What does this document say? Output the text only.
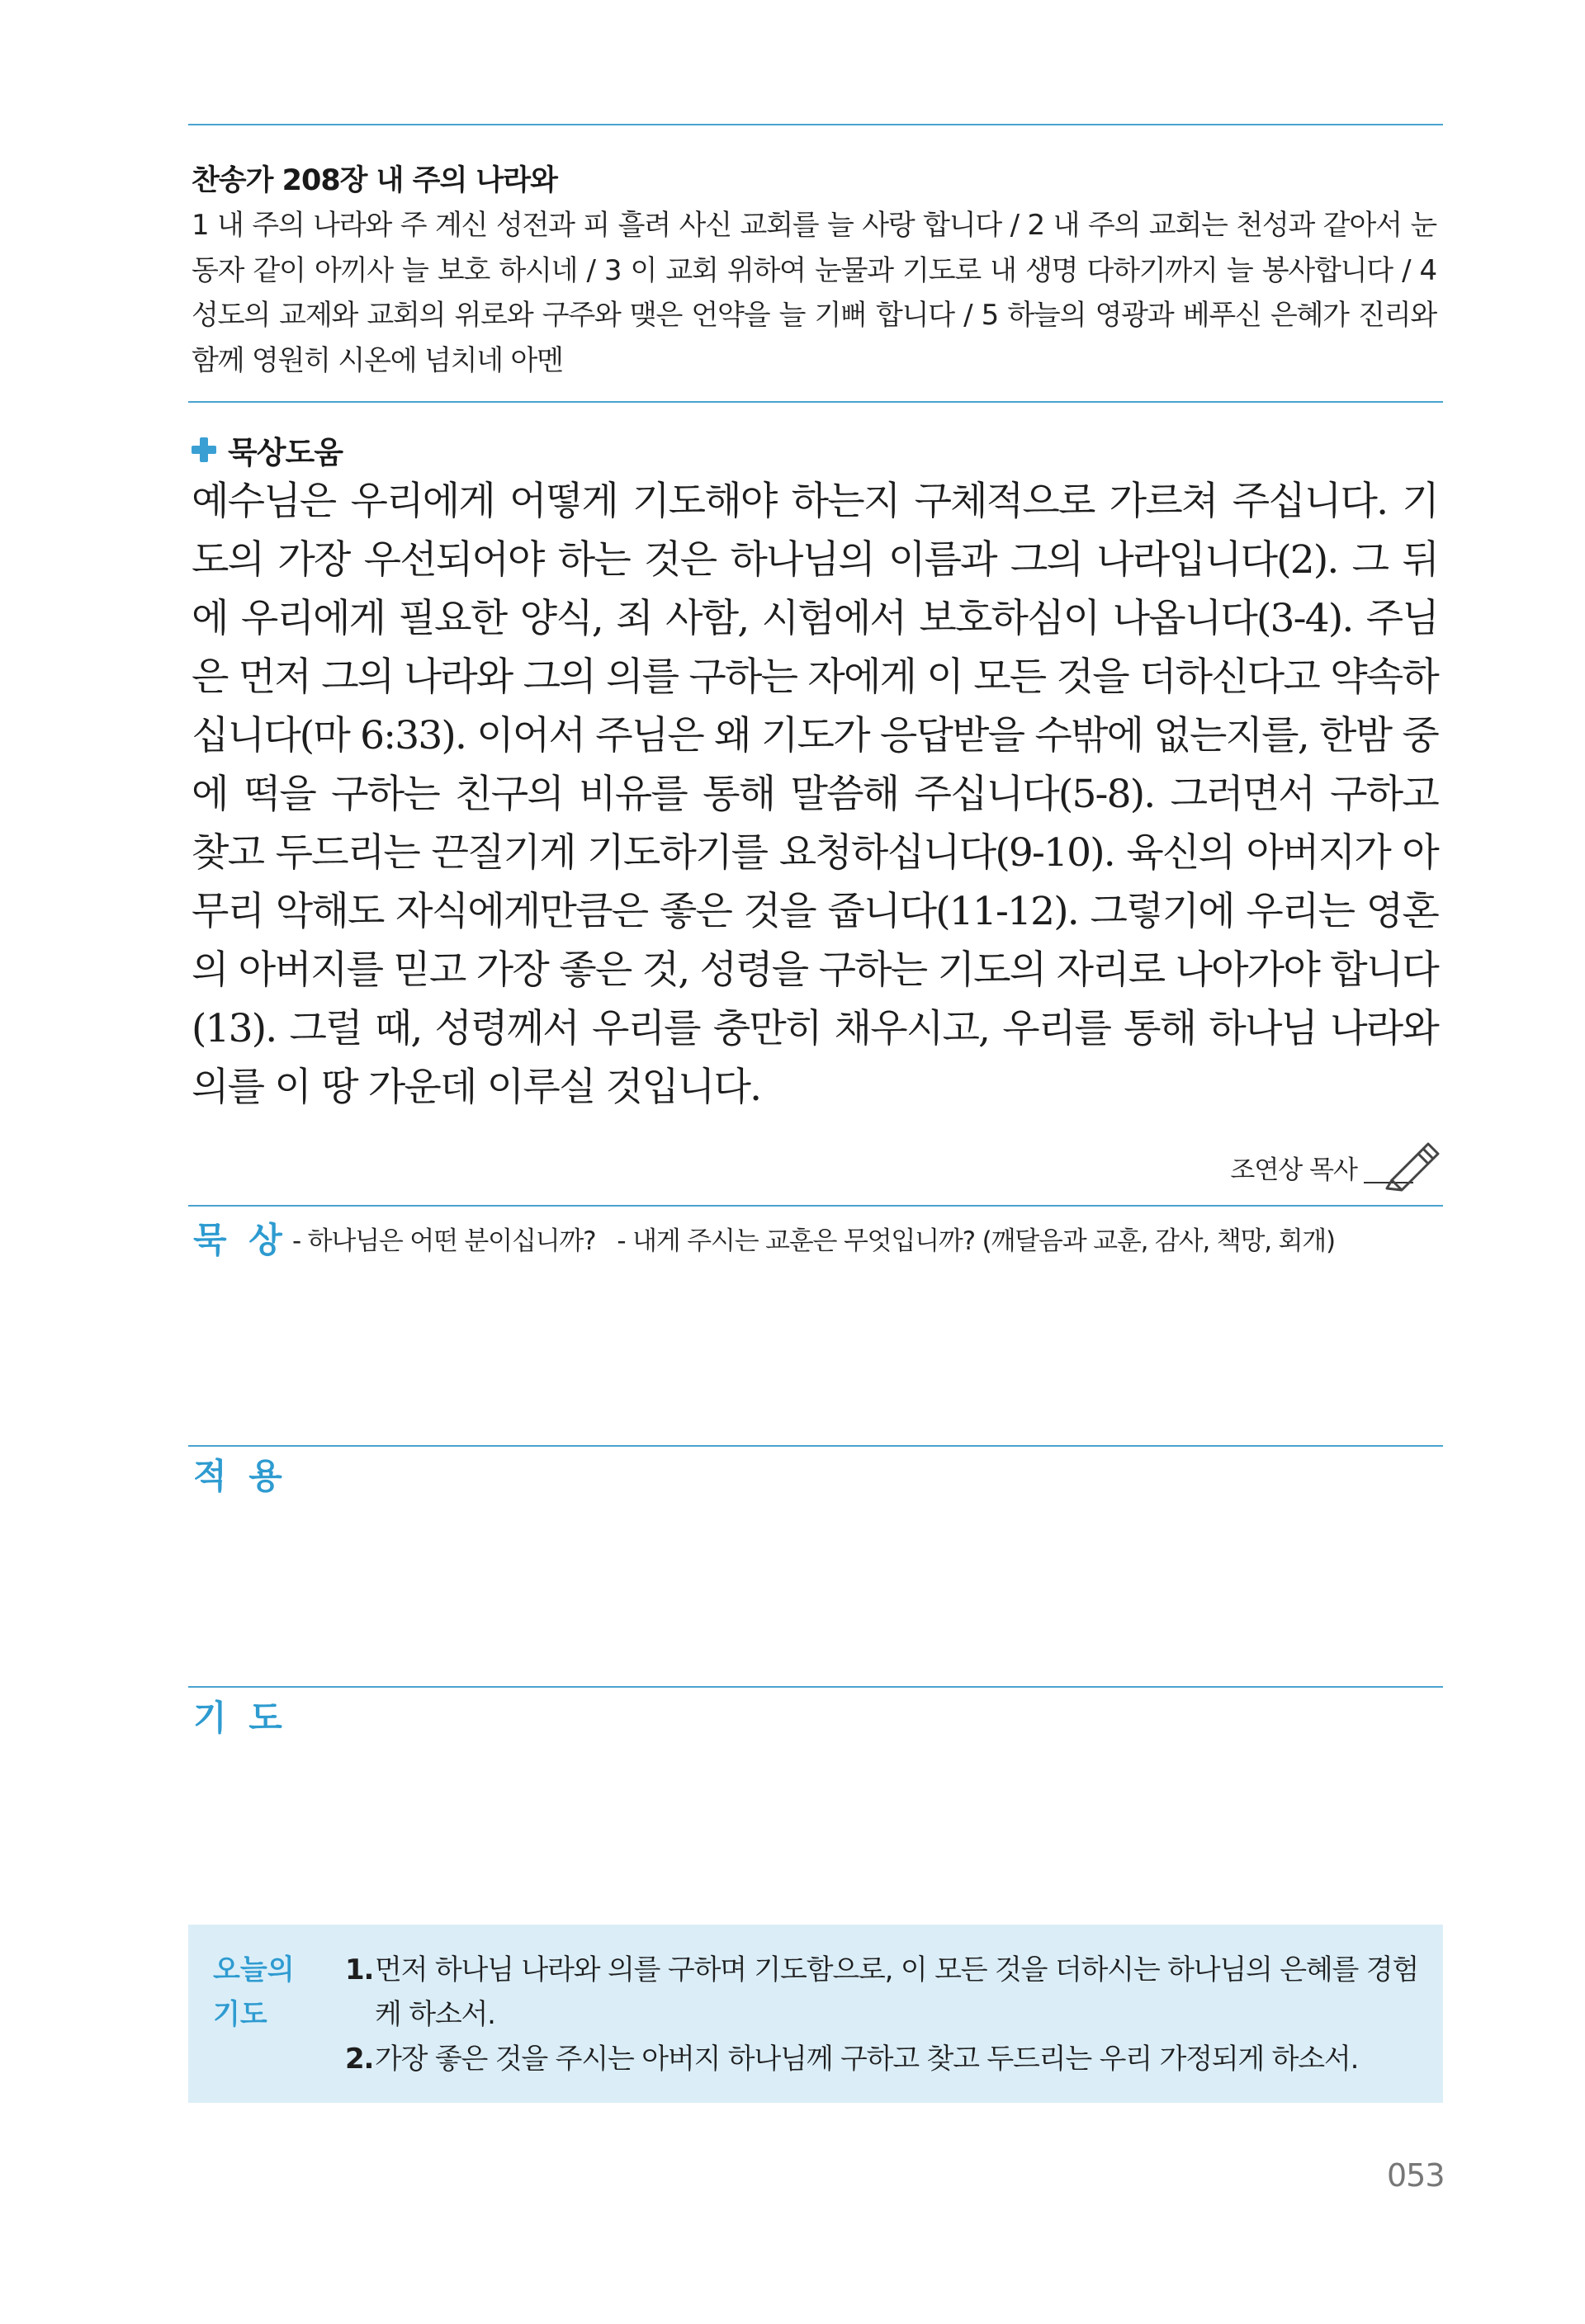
찬송가 208장 내 주의 나라와
1 내 주의 나라와 주 계신 성전과 피 흘려 사신 교회를 늘 사랑 합니다 / 2 내 주의 교회는 천성과 같아서 눈동자 같이 아끼사 늘 보호 하시네 / 3 이 교회 위하여 눈물과 기도로 내 생명 다하기까지 늘 봉사합니다 / 4 성도의 교제와 교회의 위로와 구주와 맺은 언약을 늘 기뻐 합니다 / 5 하늘의 영광과 베푸신 은혜가 진리와 함께 영원히 시온에 넘치네 아멘
묵상도움
예수님은 우리에게 어떻게 기도해야 하는지 구체적으로 가르쳐 주십니다. 기도의 가장 우선되어야 하는 것은 하나님의 이름과 그의 나라입니다(2). 그 뒤에 우리에게 필요한 양식, 죄 사함, 시험에서 보호하심이 나옵니다(3-4). 주님은 먼저 그의 나라와 그의 의를 구하는 자에게 이 모든 것을 더하신다고 약속하십니다(마 6:33). 이어서 주님은 왜 기도가 응답받을 수밖에 없는지를, 한밤 중에 떡을 구하는 친구의 비유를 통해 말씀해 주십니다(5-8). 그러면서 구하고 찾고 두드리는 끈질기게 기도하기를 요청하십니다(9-10). 육신의 아버지가 아무리 악해도 자식에게만큼은 좋은 것을 줍니다(11-12). 그렇기에 우리는 영혼의 아버지를 믿고 가장 좋은 것, 성령을 구하는 기도의 자리로 나아가야 합니다(13). 그럴 때, 성령께서 우리를 충만히 채우시고, 우리를 통해 하나님 나라와 의를 이 땅 가운데 이루실 것입니다.
조연상 목사
묵 상 - 하나님은 어떤 분이십니까?   - 내게 주시는 교훈은 무엇입니까? (깨달음과 교훈, 감사, 책망, 회개)
적 용
기 도
오늘의
기도
1. 먼저 하나님 나라와 의를 구하며 기도함으로, 이 모든 것을 더하시는 하나님의 은혜를 경험케 하소서.
2. 가장 좋은 것을 주시는 아버지 하나님께 구하고 찾고 두드리는 우리 가정되게 하소서.
053
